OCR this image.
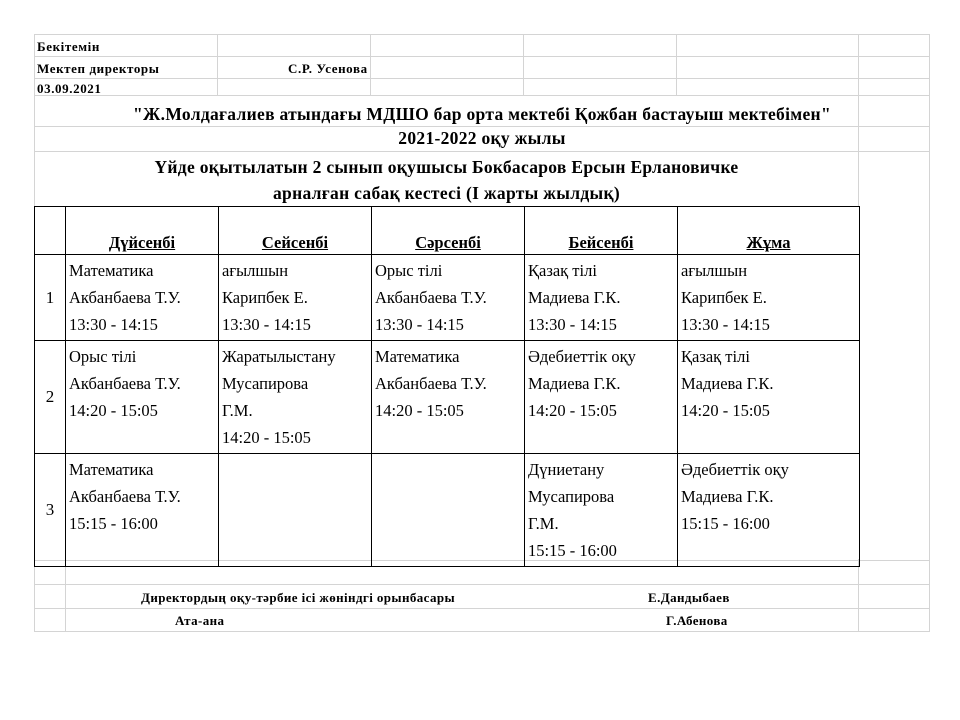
Бекітемін
Мектеп директоры	С.Р. Усенова
03.09.2021
"Ж.Молдағалиев атындағы МДШО бар орта мектебі Қожбан бастауыш мектебімен"
2021-2022 оқу жылы
Үйде оқытылатын 2 сынып оқушысы Бокбасаров Ерсын Ерлановичке
арналған сабақ кестесі (І жарты жылдық)
	Дүйсенбі	Сейсенбі	Сәрсенбі	Бейсенбі	Жұма
1	Математика
Акбанбаева Т.У.
13:30 - 14:15	ағылшын
Карипбек Е.
13:30 - 14:15	Орыс тілі
Акбанбаева Т.У.
13:30 - 14:15	Қазақ тілі
Мадиева Г.К.
13:30 - 14:15	ағылшын
Карипбек Е.
13:30 - 14:15
2	Орыс тілі
Акбанбаева Т.У.
14:20 - 15:05	Жаратылыстану
Мусапирова
Г.М.
14:20 - 15:05	Математика
Акбанбаева Т.У.
14:20 - 15:05	Әдебиеттік оқу
Мадиева Г.К.
14:20 - 15:05	Қазақ тілі
Мадиева Г.К.
14:20 - 15:05
3	Математика
Акбанбаева Т.У.
15:15 - 16:00			Дүниетану
Мусапирова
Г.М.
15:15 - 16:00	Әдебиеттік оқу
Мадиева Г.К.
15:15 - 16:00
Директордың оқу-тәрбие ісі жөніндгі орынбасары	Е.Дандыбаев
Ата-ана	Г.Абенова
